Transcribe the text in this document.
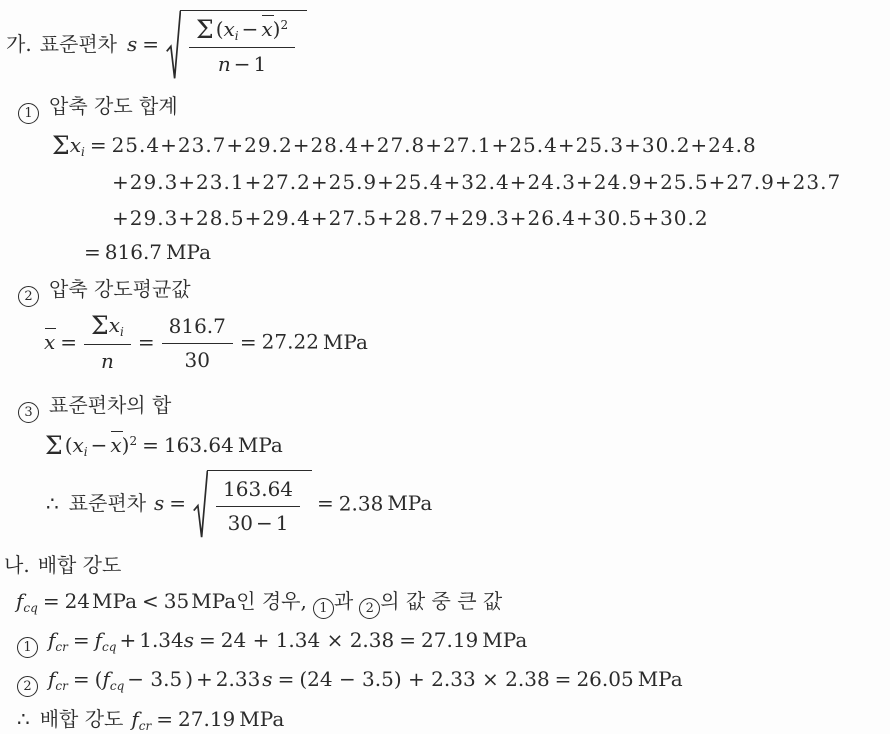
가. 표준편차 $s = \frac{\Sigma (x_i - x)^2}{n - 1}$
1 압축 강도 합계
$\Sigma x_i = 25.4+23.7+29.2+28.4+27.8+27.1+25.4+25.3+30.2+24.8$
+29.3+23.1+27.2+25.9+25.4+32.4+24.3+24.9+25.5+27.9+23.7
+29.3+28.5+29.4+27.5+28.7+29.3+26.4+30.5+30.2
= 816.7 MPa
2 압축 강도평균값
$x = \frac{\Sigma x_i}{n} = \frac{816.7}{30} = 27.22$ MPa
3 표준편차의 합
Σ $(x_i - x)^2 = 163.64$ MPa
∴ 표준편차 $s = \frac{163.64}{30 - 1} = 2.38$ MPa
나. 배합 강도
$f_{cq} = 24$ MPa < 35 MPa인 경우, 1 과 2 의 값 중 큰 값
1 $f_{cr} = f_{cq} + 1.34s = 24 + 1.34 \times 2.38 = 27.19$ MPa
2 $f_{cr} = (f_{cq} - 3.5$ ) + 2.33 s = (24 − 3.5) + 2.33 × 2.38 = 26.05 MPa
∴ 배합 강도 $f_{cr} = 27.19$ MPa
